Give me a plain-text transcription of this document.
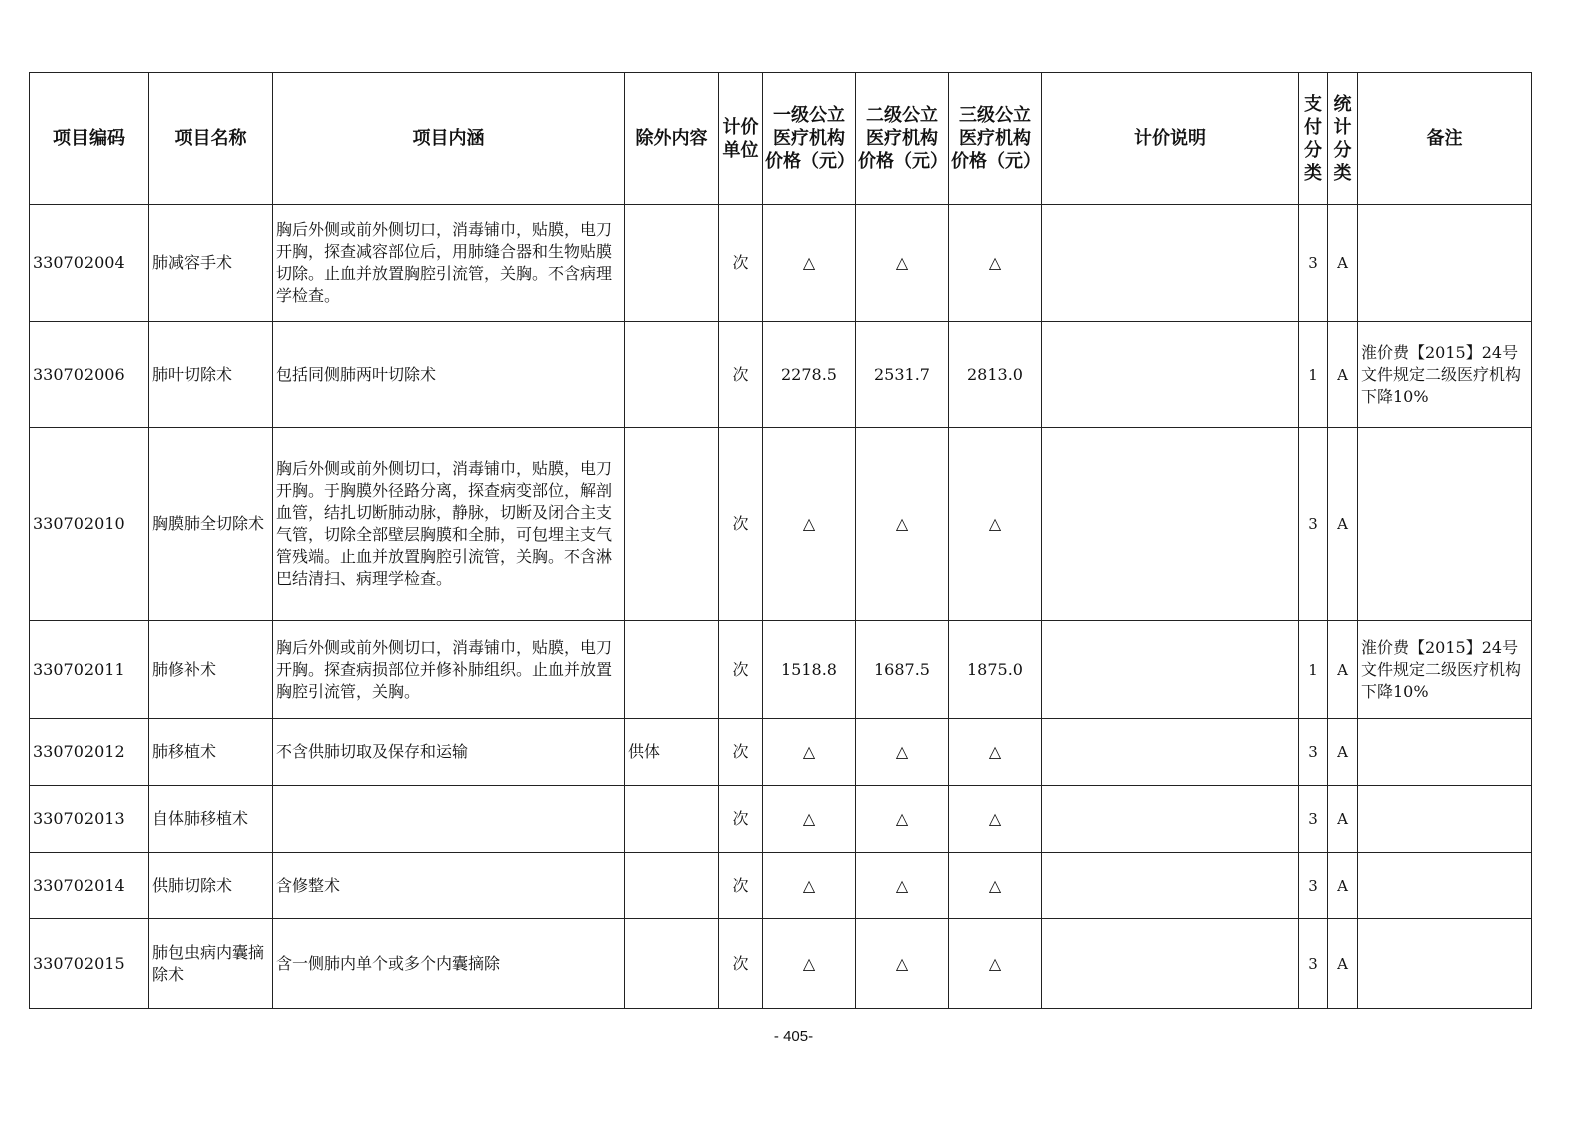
项目编码	项目名称	项目内涵	除外内容	计价单位	一级公立医疗机构价格（元）	二级公立医疗机构价格（元）	三级公立医疗机构价格（元）	计价说明	支付分类	统计分类	备注
330702004	肺减容手术	胸后外侧或前外侧切口，消毒铺巾，贴膜，电刀开胸，探查减容部位后，用肺缝合器和生物贴膜切除。止血并放置胸腔引流管，关胸。不含病理学检查。		次	△	△	△		3	A	
330702006	肺叶切除术	包括同侧肺两叶切除术		次	2278.5	2531.7	2813.0		1	A	淮价费【2015】24号文件规定二级医疗机构下降10%
330702010	胸膜肺全切除术	胸后外侧或前外侧切口，消毒铺巾，贴膜，电刀开胸。于胸膜外径路分离，探查病变部位，解剖血管，结扎切断肺动脉，静脉，切断及闭合主支气管，切除全部壁层胸膜和全肺，可包埋主支气管残端。止血并放置胸腔引流管，关胸。不含淋巴结清扫、病理学检查。		次	△	△	△		3	A	
330702011	肺修补术	胸后外侧或前外侧切口，消毒铺巾，贴膜，电刀开胸。探查病损部位并修补肺组织。止血并放置胸腔引流管，关胸。		次	1518.8	1687.5	1875.0		1	A	淮价费【2015】24号文件规定二级医疗机构下降10%
330702012	肺移植术	不含供肺切取及保存和运输	供体	次	△	△	△		3	A	
330702013	自体肺移植术			次	△	△	△		3	A	
330702014	供肺切除术	含修整术		次	△	△	△		3	A	
330702015	肺包虫病内囊摘除术	含一侧肺内单个或多个内囊摘除		次	△	△	△		3	A	
- 405-
